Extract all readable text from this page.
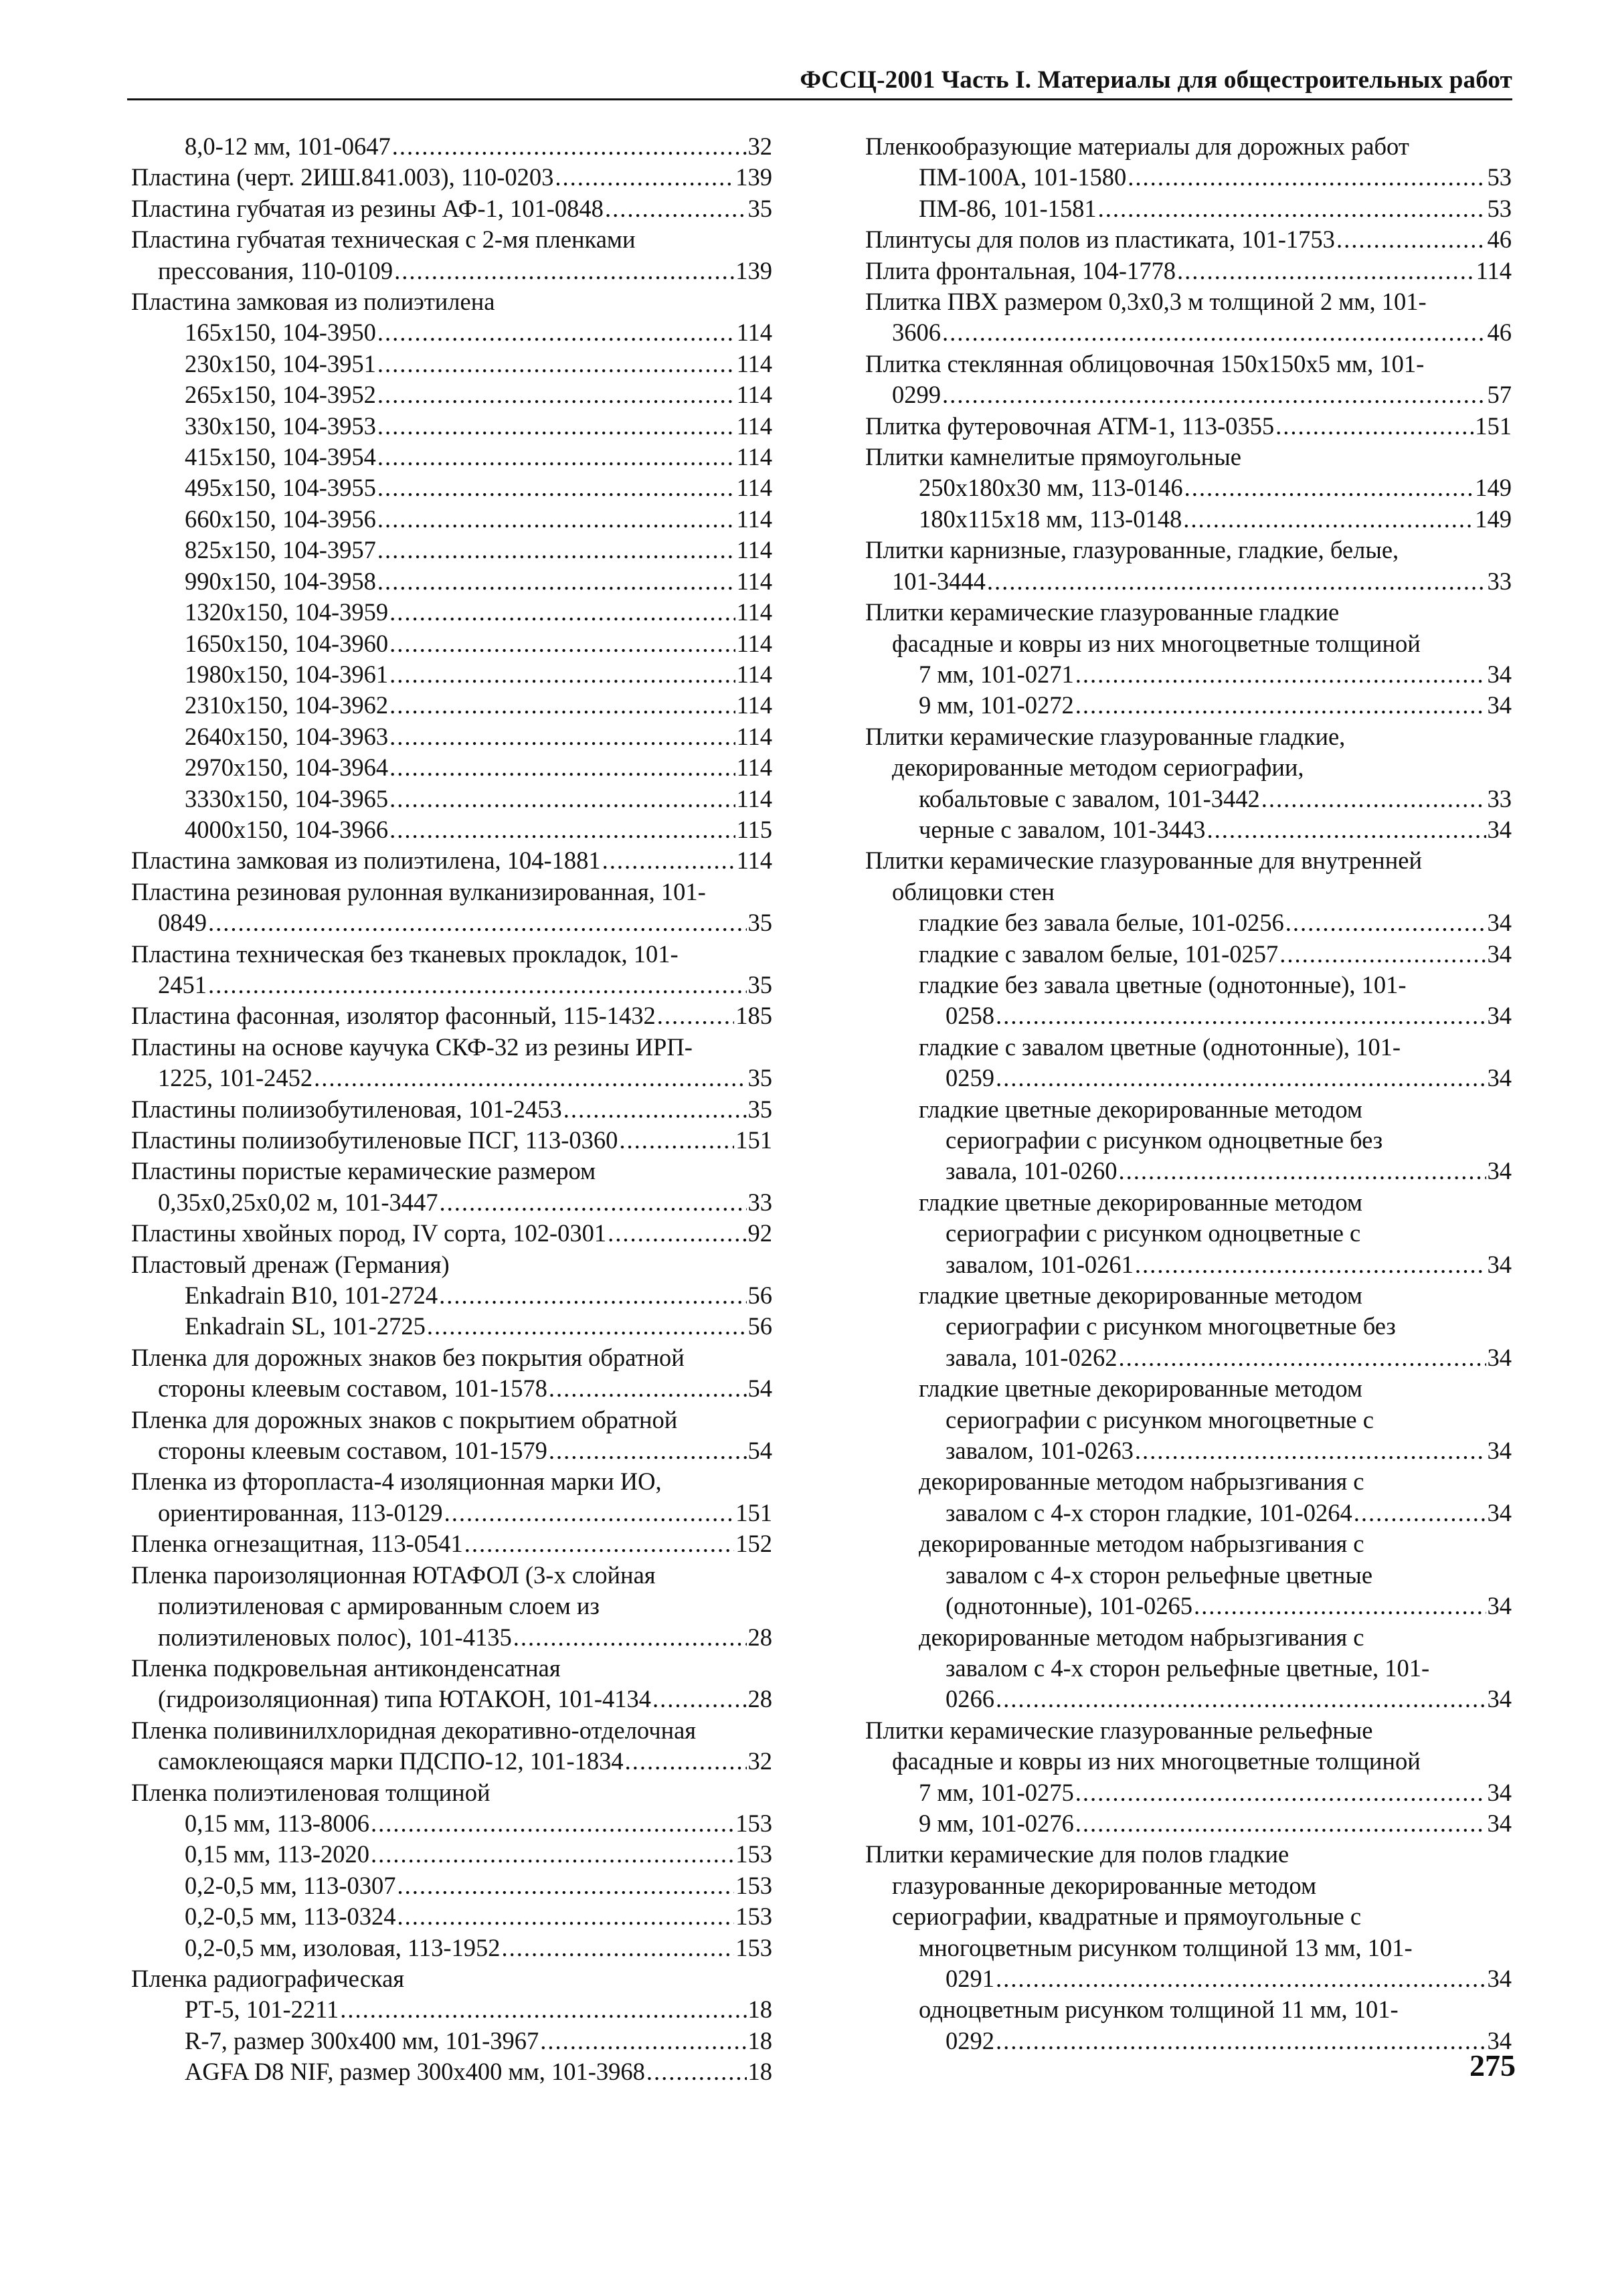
ФССЦ-2001 Часть I. Материалы для общестроительных работ
8,0-12 мм, 101-0647 .....	32
Пластина (черт. 2ИШ.841.003), 110-0203 .....	139
Пластина губчатая из резины АФ-1, 101-0848 .....	35
Пластина губчатая техническая с 2-мя пленками
прессования, 110-0109 .....	139
Пластина замковая из полиэтилена
165x150, 104-3950 .....	114
230x150, 104-3951 .....	114
265x150, 104-3952 .....	114
330x150, 104-3953 .....	114
415x150, 104-3954 .....	114
495x150, 104-3955 .....	114
660x150, 104-3956 .....	114
825x150, 104-3957 .....	114
990x150, 104-3958 .....	114
1320x150, 104-3959 .....	114
1650x150, 104-3960 .....	114
1980x150, 104-3961 .....	114
2310x150, 104-3962 .....	114
2640x150, 104-3963 .....	114
2970x150, 104-3964 .....	114
3330x150, 104-3965 .....	114
4000x150, 104-3966 .....	115
Пластина замковая из полиэтилена, 104-1881 .....	114
Пластина резиновая рулонная вулканизированная, 101-
0849 .....	35
Пластина техническая без тканевых прокладок, 101-
2451 .....	35
Пластина фасонная, изолятор фасонный, 115-1432 .....	185
Пластины на основе каучука СКФ-32 из резины ИРП-
1225, 101-2452 .....	35
Пластины полиизобутиленовая, 101-2453 .....	35
Пластины полиизобутиленовые ПСГ, 113-0360 .....	151
Пластины пористые керамические размером
0,35x0,25x0,02 м, 101-3447 .....	33
Пластины хвойных пород, IV сорта, 102-0301 .....	92
Пластовый дренаж (Германия)
Enkadrain B10, 101-2724 .....	56
Enkadrain SL, 101-2725 .....	56
Пленка для дорожных знаков без покрытия обратной
стороны клеевым составом, 101-1578 .....	54
Пленка для дорожных знаков с покрытием обратной
стороны клеевым составом, 101-1579 .....	54
Пленка из фторопласта-4 изоляционная марки ИО,
ориентированная, 113-0129 .....	151
Пленка огнезащитная, 113-0541 .....	152
Пленка пароизоляционная ЮТАФОЛ (3-х слойная
полиэтиленовая с армированным слоем из
полиэтиленовых полос), 101-4135 .....	28
Пленка подкровельная антиконденсатная
(гидроизоляционная) типа ЮТАКОН, 101-4134 .....	28
Пленка поливинилхлоридная декоративно-отделочная
самоклеющаяся марки ПДСПО-12, 101-1834 .....	32
Пленка полиэтиленовая толщиной
0,15 мм, 113-8006 .....	153
0,15 мм, 113-2020 .....	153
0,2-0,5 мм, 113-0307 .....	153
0,2-0,5 мм, 113-0324 .....	153
0,2-0,5 мм, изоловая, 113-1952 .....	153
Пленка радиографическая
РТ-5, 101-2211 .....	18
R-7, размер 300x400 мм, 101-3967 .....	18
AGFA D8 NIF, размер 300x400 мм, 101-3968 .....	18
Пленкообразующие материалы для дорожных работ
ПМ-100А, 101-1580 .....	53
ПМ-86, 101-1581 .....	53
Плинтусы для полов из пластиката, 101-1753 .....	46
Плита фронтальная, 104-1778 .....	114
Плитка ПВХ размером 0,3x0,3 м толщиной 2 мм, 101-
3606 .....	46
Плитка стеклянная облицовочная 150x150x5 мм, 101-
0299 .....	57
Плитка футеровочная АТМ-1, 113-0355 .....	151
Плитки камнелитые прямоугольные
250x180x30 мм, 113-0146 .....	149
180x115x18 мм, 113-0148 .....	149
Плитки карнизные, глазурованные, гладкие, белые,
101-3444 .....	33
Плитки керамические глазурованные гладкие
фасадные и ковры из них многоцветные толщиной
7 мм, 101-0271 .....	34
9 мм, 101-0272 .....	34
Плитки керамические глазурованные гладкие,
декорированные методом сериографии,
кобальтовые с завалом, 101-3442 .....	33
черные с завалом, 101-3443 .....	34
Плитки керамические глазурованные для внутренней
облицовки стен
гладкие без завала белые, 101-0256 .....	34
гладкие с завалом белые, 101-0257 .....	34
гладкие без завала цветные (однотонные), 101-
0258 .....	34
гладкие с завалом цветные (однотонные), 101-
0259 .....	34
гладкие цветные декорированные методом
сериографии с рисунком одноцветные без
завала, 101-0260 .....	34
гладкие цветные декорированные методом
сериографии с рисунком одноцветные с
завалом, 101-0261 .....	34
гладкие цветные декорированные методом
сериографии с рисунком многоцветные без
завала, 101-0262 .....	34
гладкие цветные декорированные методом
сериографии с рисунком многоцветные с
завалом, 101-0263 .....	34
декорированные методом набрызгивания с
завалом с 4-х сторон гладкие, 101-0264 .....	34
декорированные методом набрызгивания с
завалом с 4-х сторон рельефные цветные
(однотонные), 101-0265 .....	34
декорированные методом набрызгивания с
завалом с 4-х сторон рельефные цветные, 101-
0266 .....	34
Плитки керамические глазурованные рельефные
фасадные и ковры из них многоцветные толщиной
7 мм, 101-0275 .....	34
9 мм, 101-0276 .....	34
Плитки керамические для полов гладкие
глазурованные декорированные методом
сериографии, квадратные и прямоугольные с
многоцветным рисунком толщиной 13 мм, 101-
0291 .....	34
одноцветным рисунком толщиной 11 мм, 101-
0292 .....	34
275
